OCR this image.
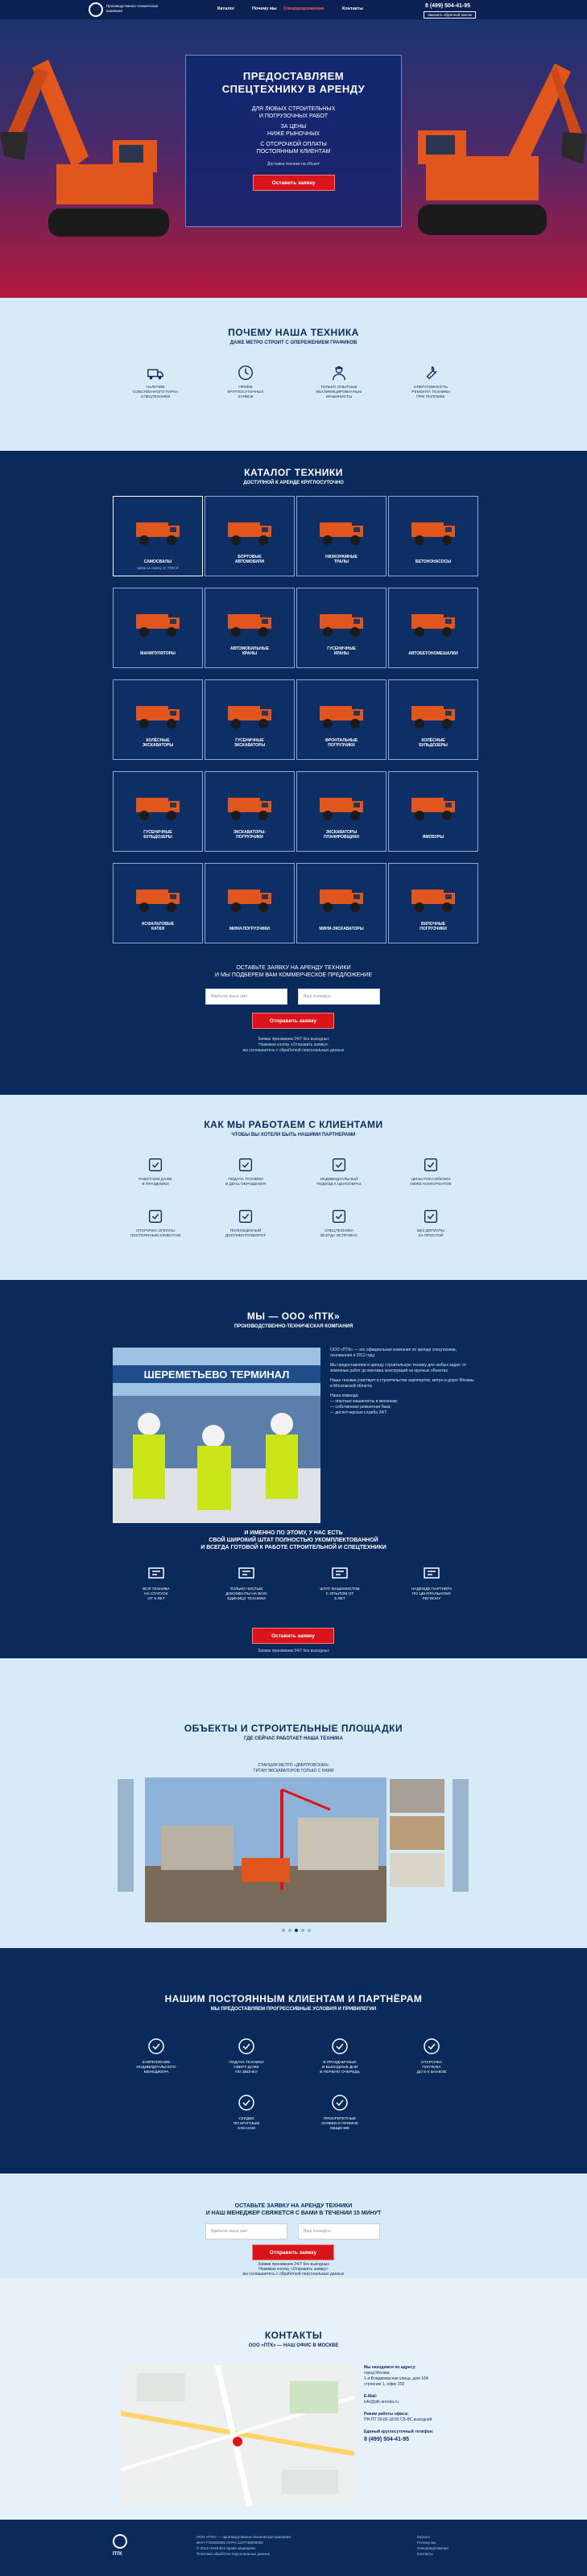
Производственно-техническая
компания	Каталог	Почему мы Спецпредложения	Контакты	8 (499) 504-41-95
Заказать обратный звонок
ПРЕДОСТАВЛЯЕМ
СПЕЦТЕХНИКУ В АРЕНДУ
ДЛЯ ЛЮБЫХ СТРОИТЕЛЬНЫХ
И ПОГРУЗОЧНЫХ РАБОТ
ЗА ЦЕНЫ
НИЖЕ РЫНОЧНЫХ
С ОТСРОЧКОЙ ОПЛАТЫ
ПОСТОЯННЫМ КЛИЕНТАМ
Доставка техники на объект
Оставить заявку
ПОЧЕМУ НАША ТЕХНИКА
ДАЖЕ МЕТРО СТРОИТ С ОПЕРЕЖЕНИЕМ ГРАФИКОВ
НАЛИЧИЕ
СОБСТВЕННОГО ПАРКА
СПЕЦТЕХНИКИ
ПРИЁМ
КРУГЛОСУТОЧНЫХ
ЗАЯВОК
ТОЛЬКО ОПЫТНЫЕ
КВАЛИФИЦИРОВАННЫЕ
МАШИНИСТЫ
ОПЕРАТИВНОСТЬ
РЕМОНТА ТЕХНИКИ
ПРИ ПОЛОМКЕ
КАТАЛОГ ТЕХНИКИ
ДОСТУПНОЙ К АРЕНДЕ КРУГЛОСУТОЧНО
САМОСВАЛЫ
Цена за смену от 7000 ₽
БОРТОВЫЕ
АВТОМОБИЛИ
НИЗКОРАМНЫЕ
ТРАЛЫ	БЕТОНОНАСОСЫ
МАНИПУЛЯТОРЫ
АВТОМОБИЛЬНЫЕ
КРАНЫ
ГУСЕНИЧНЫЕ
КРАНЫ	АВТОБЕТОНОМЕШАЛКИ
КОЛЁСНЫЕ
ЭКСКАВАТОРЫ
ГУСЕНИЧНЫЕ
ЭКСКАВАТОРЫ
ФРОНТАЛЬНЫЕ
ПОГРУЗЧИКИ
КОЛЁСНЫЕ
БУЛЬДОЗЕРЫ
ГУСЕНИЧНЫЕ
БУЛЬДОЗЕРЫ
ЭКСКАВАТОРЫ-
ПОГРУЗЧИКИ
ЭКСКАВАТОРЫ
ПЛАНИРОВЩИКИ	ЯМОБУРЫ
АСФАЛЬТОВЫЕ
КАТКИ	МИНИ-ПОГРУЗЧИКИ	МИНИ-ЭКСКАВАТОРЫ
ВИЛОЧНЫЕ
ПОГРУЗЧИКИ
ОСТАВЬТЕ ЗАЯВКУ НА АРЕНДУ ТЕХНИКИ
И МЫ ПОДБЕРЕМ ВАМ КОММЕРЧЕСКОЕ ПРЕДЛОЖЕНИЕ
Введите ваше имя	Ваш телефон
Отправить заявку
Заявки принимаем 24/7 без выходных
Нажимая кнопку «Отправить заявку»
вы соглашаетесь с обработкой персональных данных
КАК МЫ РАБОТАЕМ С КЛИЕНТАМИ
ЧТОБЫ ВЫ ХОТЕЛИ БЫТЬ НАШИМИ ПАРТНЕРАМИ
РАБОТАЕМ ДАЖЕ
В ПРАЗДНИКИ
ПОДАЧА ТЕХНИКИ
В ДЕНЬ ОБРАЩЕНИЯ
ИНДИВИДУАЛЬНЫЙ
ПОДХОД К ЦЕНООБРАЗ
ЦЕНЫ РОССИЙСКИХ
НИЖЕ КОНКУРЕНТОВ
ОТСРОЧКА ОПЛАТЫ
ПОСТОЯННЫМ КЛИЕНТАМ
ПОЛНОЦЕННЫЙ
ДОКУМЕНТООБОРОТ
СПЕЦТЕХНИКА
ВСЕГДА ИСПРАВНА
БЕЗ ДОПЛАТЫ
ЗА ПРОСТОЙ
МЫ — ООО «ПТК»
ПРОИЗВОДСТВЕННО-ТЕХНИЧЕСКАЯ КОМПАНИЯ
ШЕРЕМЕТЬЕВО ТЕРМИНАЛ

ООО «ПТК» — это официальная компания по аренде спецтехники, основанная в 2012 году.

Мы предоставляем в аренду строительную технику для любых задач: от земляных работ до монтажа конструкций на крупных объектах.

Наша техника участвует в строительстве аэропортов, метро и дорог Москвы и Московской области.

Наша команда:

— опытные машинисты и механики;

— собственная ремонтная база;

— диспетчерская служба 24/7.

И ИМЕННО ПО ЭТОМУ, У НАС ЕСТЬ
СВОЙ ШИРОКИЙ ШТАТ ПОЛНОСТЬЮ УКОМПЛЕКТОВАННОЙ
И ВСЕГДА ГОТОВОЙ К РАБОТЕ СТРОИТЕЛЬНОЙ И СПЕЦТЕХНИКИ
ВСЯ ТЕХНИКА
НА СТАТУСЕ
ОТ 5 ЛЕТ
ТОЛЬКО ЧИСТЫЕ
ДОКУМЕНТЫ НА ВСЮ
ЕДИНИЦУ ТЕХНИКИ
ШТАТ МАШИНИСТОВ
С ОПЫТОМ ОТ
5 ЛЕТ
НАДЕЖДЕ ПАРТНЁРА
ПО ЦЕНТРАЛЬНОМУ
РЕГИОНУ
Оставить заявку
Заявки принимаем 24/7 без выходных
ОБЪЕКТЫ И СТРОИТЕЛЬНЫЕ ПЛОЩАДКИ
ГДЕ СЕЙЧАС РАБОТАЕТ НАША ТЕХНИКА
СТАНЦИЯ МЕТРО «ДМИТРОВСКАЯ»
ТИТАН ЭКСКАВАТОРОВ ТОЛЬКО С НАМИ
НАШИМ ПОСТОЯННЫМ КЛИЕНТАМ И ПАРТНЁРАМ
МЫ ПРЕДОСТАВЛЯЕМ ПРОГРЕССИВНЫЕ УСЛОВИЯ И ПРИВИЛЕГИИ
ЗАКРЕПЛЕНИЕ
ИНДИВИДУАЛЬНОГО
МЕНЕДЖЕРА
ПОДАЧА ТЕХНИКИ
СВЕРХ ДАЖЕ
ПО ЗВОНКУ
В ПРАЗДНИЧНЫЕ
И ВЫХОДНЫЕ ДНИ
В ПЕРВУЮ ОЧЕРЕДЬ
ОТСРОЧКА
ПЛАТЕЖА
ДО 5-Х БАНКОВ
СКИДКИ
ПО КРУПНЫМ
ЗАКАЗАМ
ПРИОРИТЕТНЫЕ
ЗАЯВКИ И ПРЯМОЕ
ОБЩЕНИЕ
ОСТАВЬТЕ ЗАЯВКУ НА АРЕНДУ ТЕХНИКИ
И НАШ МЕНЕДЖЕР СВЯЖЕТСЯ С ВАМИ В ТЕЧЕНИИ 15 МИНУТ
Введите ваше имя	Ваш телефон
Отправить заявку
Заявки принимаем 24/7 без выходных
Нажимая кнопку «Отправить заявку»
вы соглашаетесь с обработкой персональных данных
КОНТАКТЫ
ООО «ПТК» — НАШ ОФИС В МОСКВЕ
Мы находимся по адресу:
город Москва,
1-я Владимирская улица, дом 10А
строение 1, офис 202
E-Mail:
info@ptk-arenda.ru
Режим работы офиса:
ПН-ПТ 09:00-18:00 СБ-ВС выходной
Единый круглосуточный телефон:
8 (499) 504-41-95
ПТК
ООО «ПТК» — производственно-техническая компания
ИНН 7720000000 ОГРН 1127746000000
© 2012–2019 Все права защищены
Политика обработки персональных данных
Каталог
Почему мы
Спецпредложения
Контакты
